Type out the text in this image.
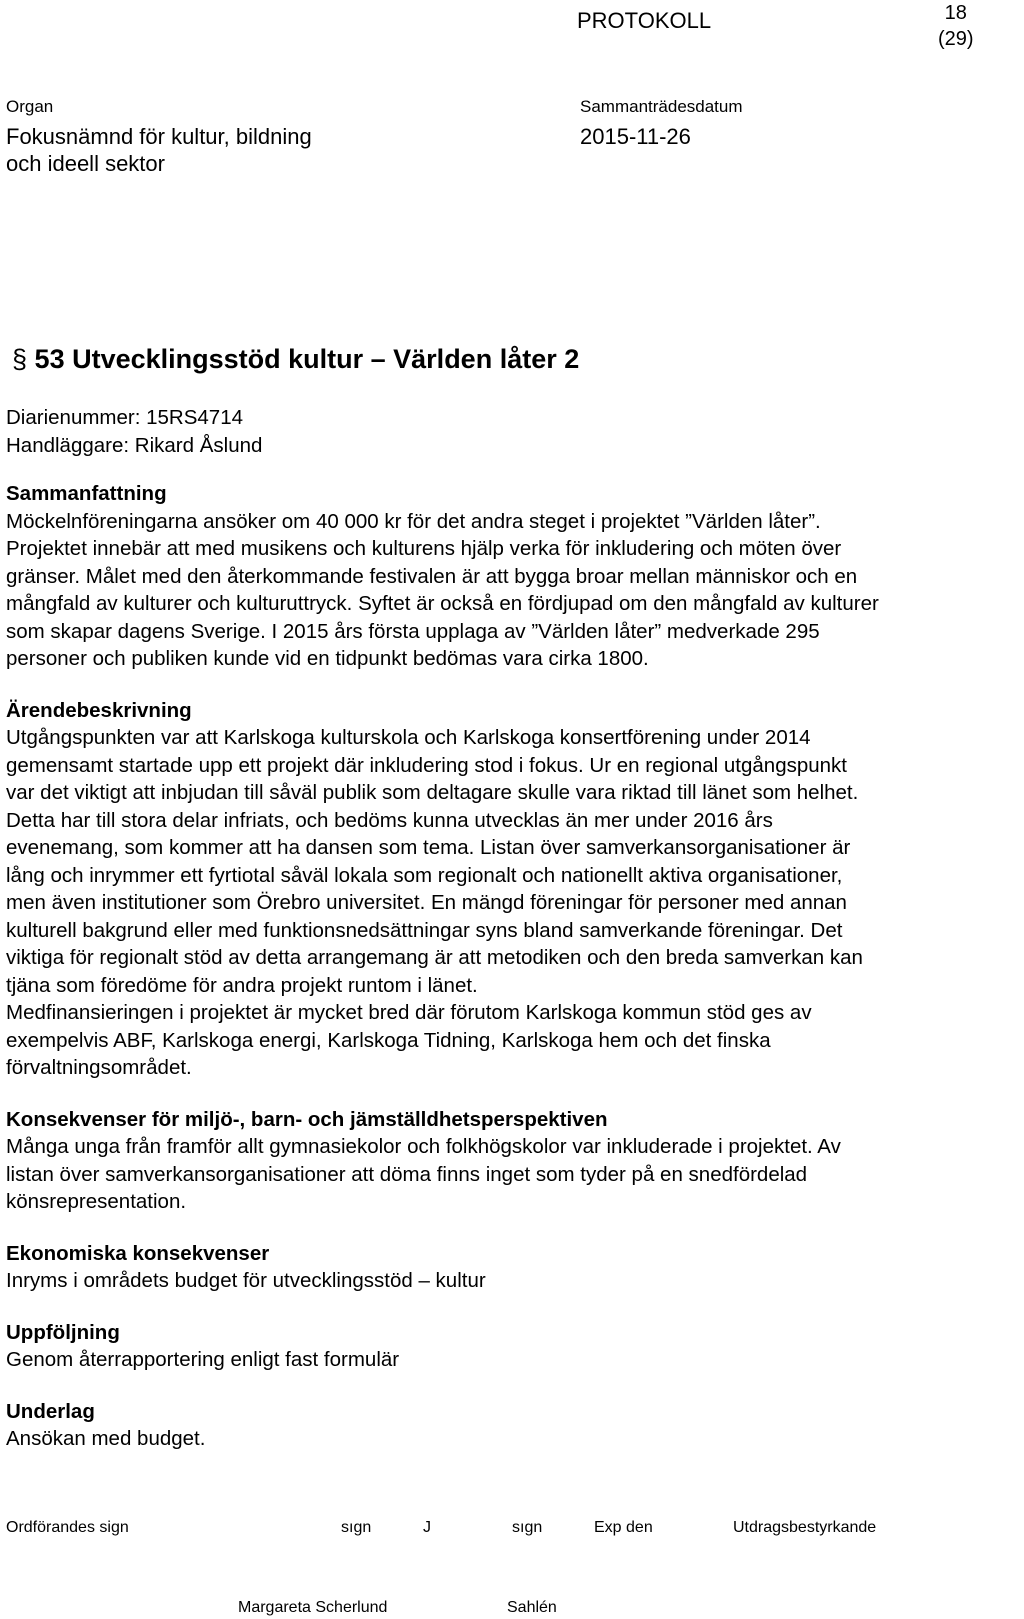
PROTOKOLL	18
(29)
Organ
Fokusnämnd för kultur, bildning
och ideell sektor
Sammanträdesdatum
2015-11-26
§ 53 Utvecklingsstöd kultur – Världen låter 2

Diarienummer: 15RS4714

Handläggare: Rikard Åslund

Sammanfattning

Möckelnföreningarna ansöker om 40 000 kr för det andra steget i projektet ”Världen låter”.
Projektet innebär att med musikens och kulturens hjälp verka för inkludering och möten över
gränser. Målet med den återkommande festivalen är att bygga broar mellan människor och en
mångfald av kulturer och kulturuttryck. Syftet är också en fördjupad om den mångfald av kulturer
som skapar dagens Sverige. I 2015 års första upplaga av ”Världen låter” medverkade 295
personer och publiken kunde vid en tidpunkt bedömas vara cirka 1800.

Ärendebeskrivning

Utgångspunkten var att Karlskoga kulturskola och Karlskoga konsertförening under 2014
gemensamt startade upp ett projekt där inkludering stod i fokus. Ur en regional utgångspunkt
var det viktigt att inbjudan till såväl publik som deltagare skulle vara riktad till länet som helhet.
Detta har till stora delar infriats, och bedöms kunna utvecklas än mer under 2016 års
evenemang, som kommer att ha dansen som tema. Listan över samverkansorganisationer är
lång och inrymmer ett fyrtiotal såväl lokala som regionalt och nationellt aktiva organisationer,
men även institutioner som Örebro universitet. En mängd föreningar för personer med annan
kulturell bakgrund eller med funktionsnedsättningar syns bland samverkande föreningar. Det
viktiga för regionalt stöd av detta arrangemang är att metodiken och den breda samverkan kan
tjäna som föredöme för andra projekt runtom i länet.

Medfinansieringen i projektet är mycket bred där förutom Karlskoga kommun stöd ges av
exempelvis ABF, Karlskoga energi, Karlskoga Tidning, Karlskoga hem och det finska
förvaltningsområdet.

Konsekvenser för miljö-, barn- och jämställdhetsperspektiven

Många unga från framför allt gymnasiekolor och folkhögskolor var inkluderade i projektet. Av
listan över samverkansorganisationer att döma finns inget som tyder på en snedfördelad
könsrepresentation.

Ekonomiska konsekvenser

Inryms i områdets budget för utvecklingsstöd – kultur

Uppföljning

Genom återrapportering enligt fast formulär

Underlag

Ansökan med budget.

Ordförandes sign	sıgn	J	sıgn	Exp den	Utdragsbestyrkande
Margareta Scherlund	Sahlén
